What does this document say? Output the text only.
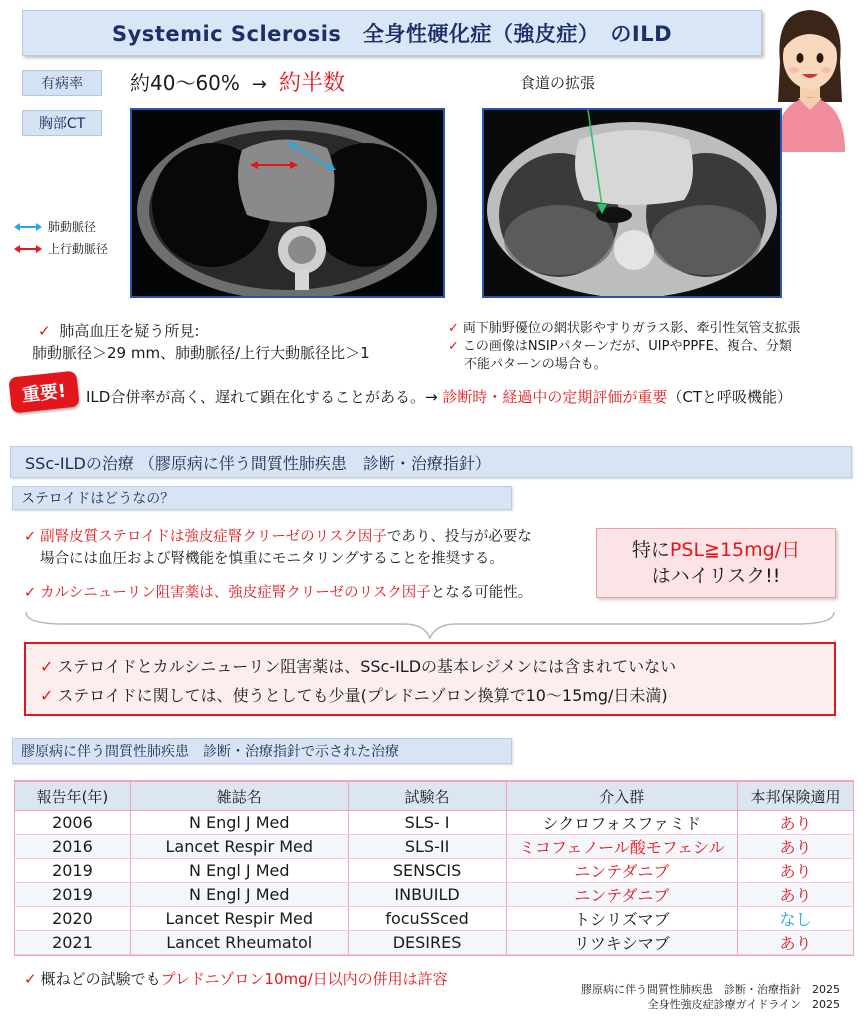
Systemic Sclerosis　全身性硬化症（強皮症）　のILD
有病率	約40～60% → 約半数
胸部CT
食道の拡張
肺動脈径
上行動脈径
✓ 肺高血圧を疑う所見:
肺動脈径＞29 mm、肺動脈径/上行大動脈径比＞1
✓ 両下肺野優位の網状影やすりガラス影、牽引性気管支拡張
✓ この画像はNSIPパターンだが、UIPやPPFE、複合、分類
不能パターンの場合も。
重要! ILD合併率が高く、遅れて顕在化することがある。→ 診断時・経過中の定期評価が重要（CTと呼吸機能）
SSc-ILDの治療 （膠原病に伴う間質性肺疾患　診断・治療指針）
ステロイドはどうなの？
✓ 副腎皮質ステロイドは強皮症腎クリーゼのリスク因子であり、投与が必要な
場合には血圧および腎機能を慎重にモニタリングすることを推奨する。
✓ カルシニューリン阻害薬は、強皮症腎クリーゼのリスク因子となる可能性。
特にPSL≧15mg/日
はハイリスク!!
✓ ステロイドとカルシニューリン阻害薬は、SSc-ILDの基本レジメンには含まれていない
✓ ステロイドに関しては、使うとしても少量(プレドニゾロン換算で10～15mg/日未満)
膠原病に伴う間質性肺疾患　診断・治療指針で示された治療
報告年(年)	雑誌名	試験名	介入群	本邦保険適用
2006	N Engl J Med	SLS- I	シクロフォスファミド	あり
2016	Lancet Respir Med	SLS-II	ミコフェノール酸モフェシル	あり
2019	N Engl J Med	SENSCIS	ニンテダニブ	あり
2019	N Engl J Med	INBUILD	ニンテダニブ	あり
2020	Lancet Respir Med	focuSSced	トシリズマブ	なし
2021	Lancet Rheumatol	DESIRES	リツキシマブ	あり
✓ 概ねどの試験でもプレドニゾロン10mg/日以内の併用は許容
膠原病に伴う間質性肺疾患　診断・治療指針　2025
全身性強皮症診療ガイドライン　2025
